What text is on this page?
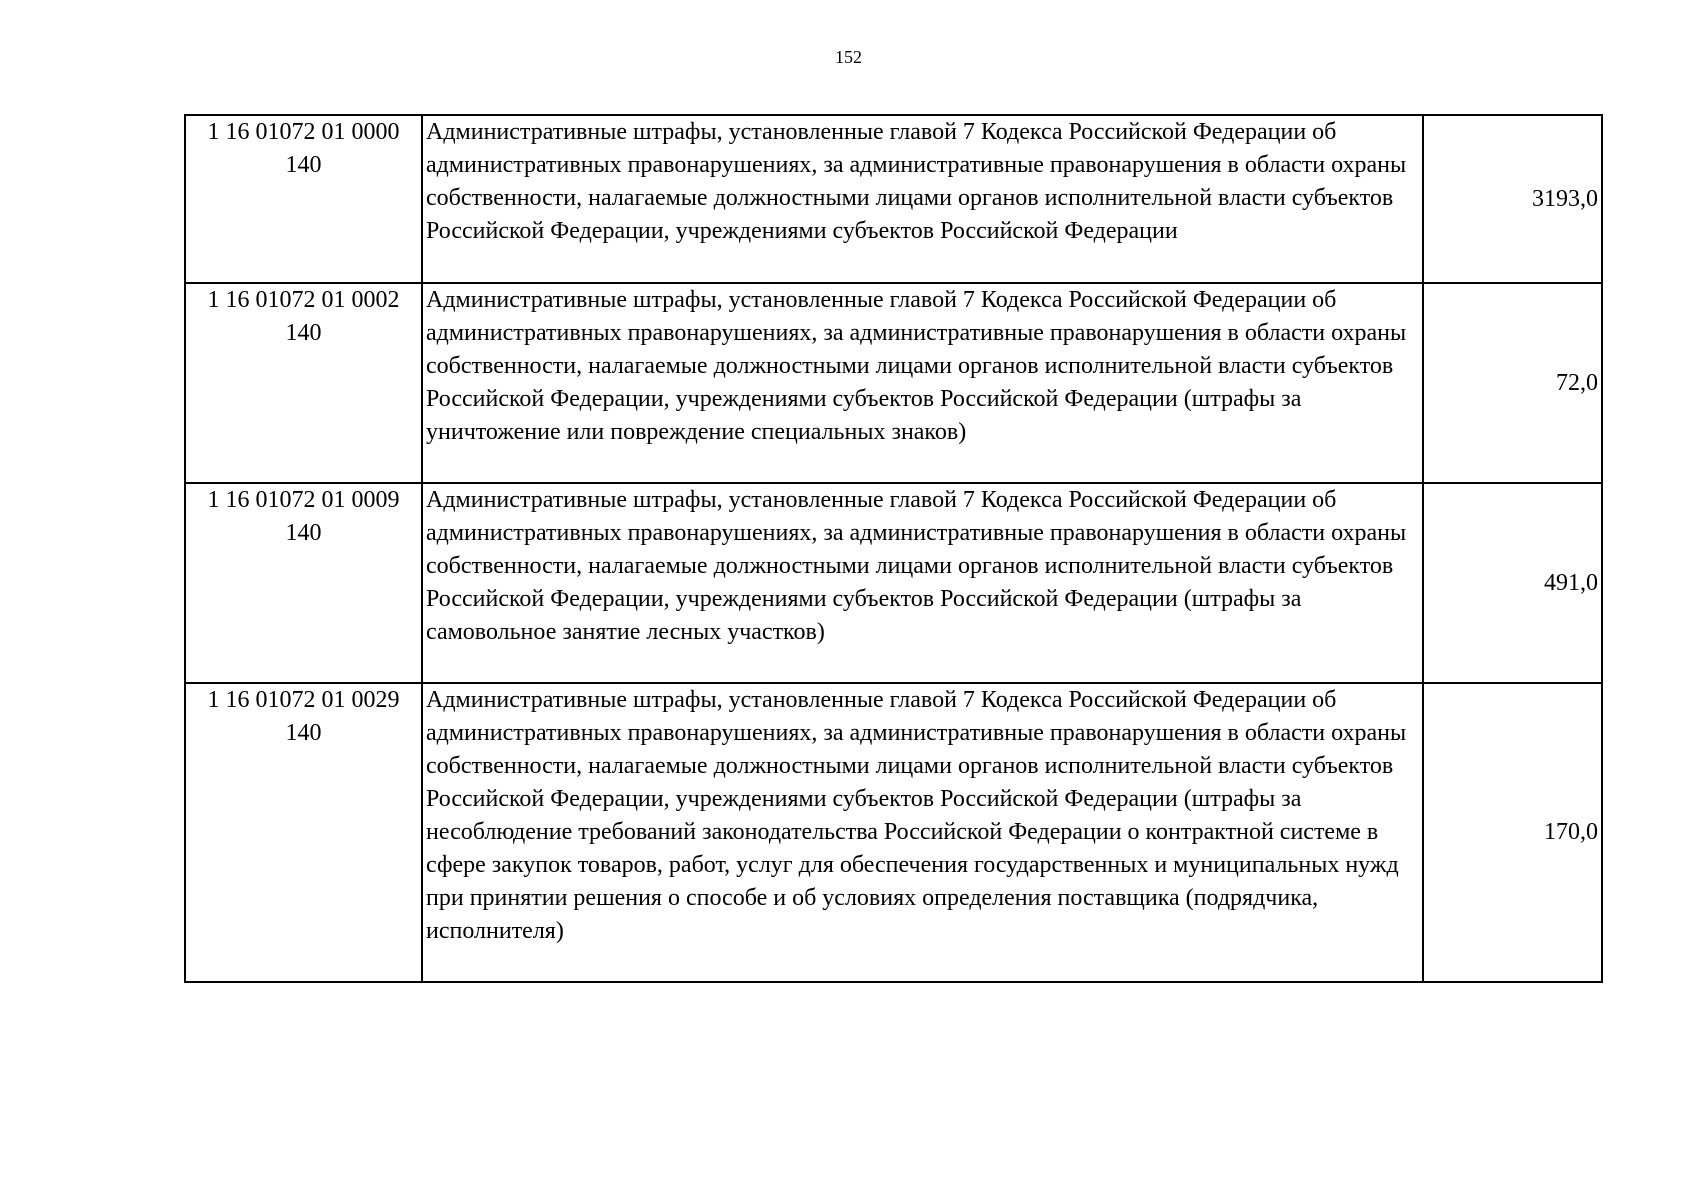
152
1 16 01072 01 0000
140	Административные штрафы, установленные главой 7 Кодекса Российской Федерации об административных правонарушениях, за административные правонарушения в области охраны собственности, налагаемые должностными лицами органов исполнительной власти субъектов Российской Федерации, учреждениями субъектов Российской Федерации	3193,0

1 16 01072 01 0002
140	Административные штрафы, установленные главой 7 Кодекса Российской Федерации об административных правонарушениях, за административные правонарушения в области охраны собственности, налагаемые должностными лицами органов исполнительной власти субъектов Российской Федерации, учреждениями субъектов Российской Федерации (штрафы за уничтожение или повреждение специальных знаков)	72,0

1 16 01072 01 0009
140	Административные штрафы, установленные главой 7 Кодекса Российской Федерации об административных правонарушениях, за административные правонарушения в области охраны собственности, налагаемые должностными лицами органов исполнительной власти субъектов Российской Федерации, учреждениями субъектов Российской Федерации (штрафы за самовольное занятие лесных участков)	491,0

1 16 01072 01 0029
140	Административные штрафы, установленные главой 7 Кодекса Российской Федерации об административных правонарушениях, за административные правонарушения в области охраны собственности, налагаемые должностными лицами органов исполнительной власти субъектов Российской Федерации, учреждениями субъектов Российской Федерации (штрафы за несоблюдение требований законодательства Российской Федерации о контрактной системе в сфере закупок товаров, работ, услуг для обеспечения государственных и муниципальных нужд при принятии решения о способе и об условиях определения поставщика (подрядчика, исполнителя)	170,0
